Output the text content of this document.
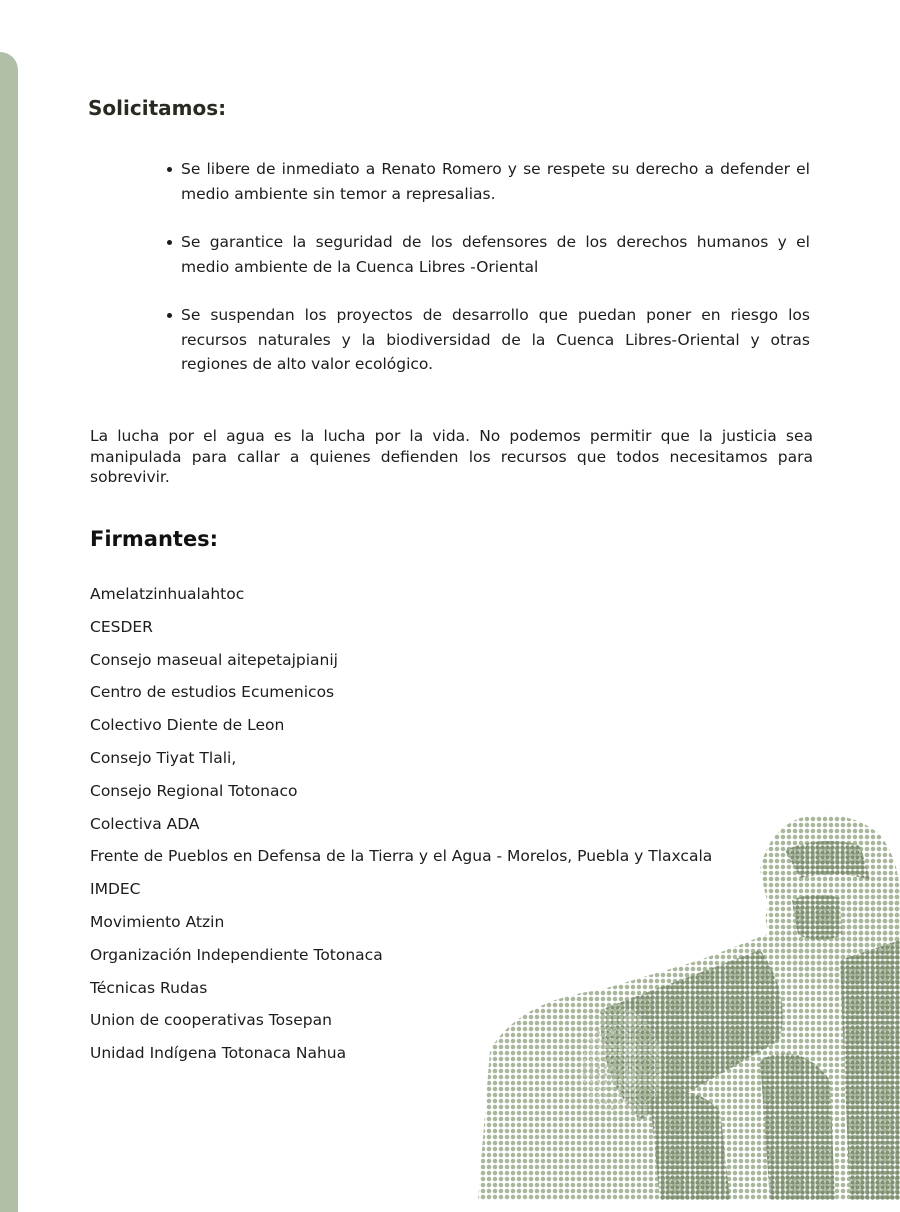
Solicitamos:
Se libere de inmediato a Renato Romero y se respete su derecho a defender el medio ambiente sin temor a represalias.
Se garantice la seguridad de los defensores de los derechos humanos y el medio ambiente de la Cuenca Libres -Oriental
Se suspendan los proyectos de desarrollo que puedan poner en riesgo los recursos naturales y la biodiversidad de la Cuenca Libres-Oriental y otras regiones de alto valor ecológico.

La lucha por el agua es la lucha por la vida. No podemos permitir que la justicia sea manipulada para callar a quienes defienden los recursos que todos necesitamos para sobrevivir.

Firmantes:
Amelatzinhualahtoc
CESDER
Consejo maseual aitepetajpianij
Centro de estudios Ecumenicos
Colectivo Diente de Leon
Consejo Tiyat Tlali,
Consejo Regional Totonaco
Colectiva ADA
Frente de Pueblos en Defensa de la Tierra y el Agua - Morelos, Puebla y Tlaxcala
IMDEC
Movimiento Atzin
Organización Independiente Totonaca
Técnicas Rudas
Union de cooperativas Tosepan
Unidad Indígena Totonaca Nahua
